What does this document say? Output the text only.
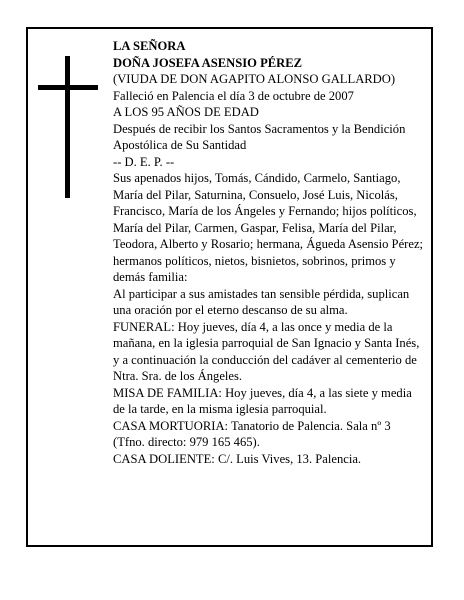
LA SEÑORA

DOÑA JOSEFA ASENSIO PÉREZ

(VIUDA DE DON AGAPITO ALONSO GALLARDO)

Falleció en Palencia el día 3 de octubre de 2007

A LOS 95 AÑOS DE EDAD

Después de recibir los Santos Sacramentos y la Bendición Apostólica de Su Santidad

-- D. E. P. --

Sus apenados hijos, Tomás, Cándido, Carmelo, Santiago, María del Pilar, Saturnina, Consuelo, José Luis, Nicolás, Francisco, María de los Ángeles y Fernando; hijos políticos, María del Pilar, Carmen, Gaspar, Felisa, María del Pilar, Teodora, Alberto y Rosario; hermana, Águeda Asensio Pérez; hermanos políticos, nietos, bisnietos, sobrinos, primos y demás familia:

Al participar a sus amistades tan sensible pérdida, suplican una oración por el eterno descanso de su alma.

FUNERAL: Hoy jueves, día 4, a las once y media de la mañana, en la iglesia parroquial de San Ignacio y Santa Inés, y a continuación la conducción del cadáver al cementerio de Ntra. Sra. de los Ángeles.

MISA DE FAMILIA: Hoy jueves, día 4, a las siete y media de la tarde, en la misma iglesia parroquial.

CASA MORTUORIA: Tanatorio de Palencia. Sala nº 3 (Tfno. directo: 979 165 465).

CASA DOLIENTE: C/. Luis Vives, 13. Palencia.
